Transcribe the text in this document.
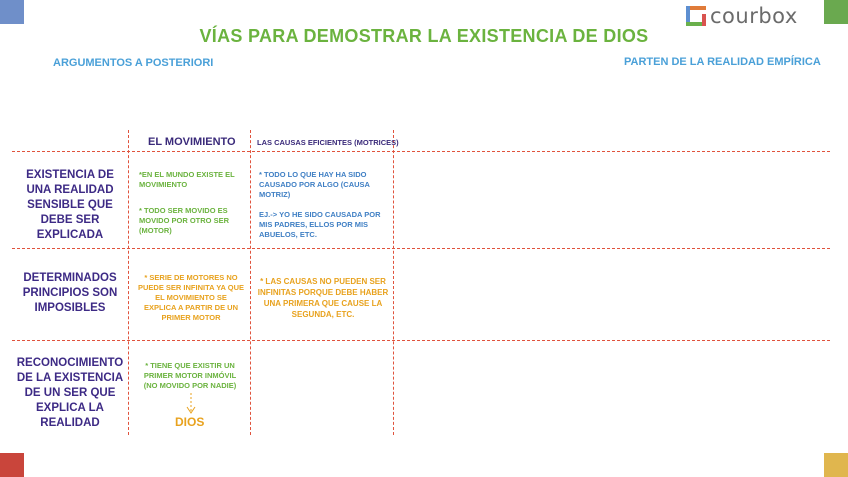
courbox
VÍAS PARA DEMOSTRAR LA EXISTENCIA DE DIOS
ARGUMENTOS A POSTERIORI	PARTEN DE LA REALIDAD EMPÍRICA
EL MOVIMIENTO	LAS CAUSAS EFICIENTES (MOTRICES)
EXISTENCIA DE UNA REALIDAD SENSIBLE QUE DEBE SER EXPLICADA
DETERMINADOS PRINCIPIOS SON IMPOSIBLES
RECONOCIMIENTO DE LA EXISTENCIA DE UN SER QUE EXPLICA LA REALIDAD
*EN EL MUNDO EXISTE EL MOVIMIENTO
* TODO SER MOVIDO ES MOVIDO POR OTRO SER (MOTOR)
* TODO LO QUE HAY HA SIDO CAUSADO POR ALGO (CAUSA MOTRIZ)
EJ.-> YO HE SIDO CAUSADA POR MIS PADRES, ELLOS POR MIS ABUELOS, ETC.
* SERIE DE MOTORES NO PUEDE SER INFINITA YA QUE EL MOVIMIENTO SE EXPLICA A PARTIR DE UN PRIMER MOTOR
* LAS CAUSAS NO PUEDEN SER INFINITAS PORQUE DEBE HABER UNA PRIMERA QUE CAUSE LA SEGUNDA, ETC.
* TIENE QUE EXISTIR UN PRIMER MOTOR INMÓVIL (NO MOVIDO POR NADIE)
DIOS
